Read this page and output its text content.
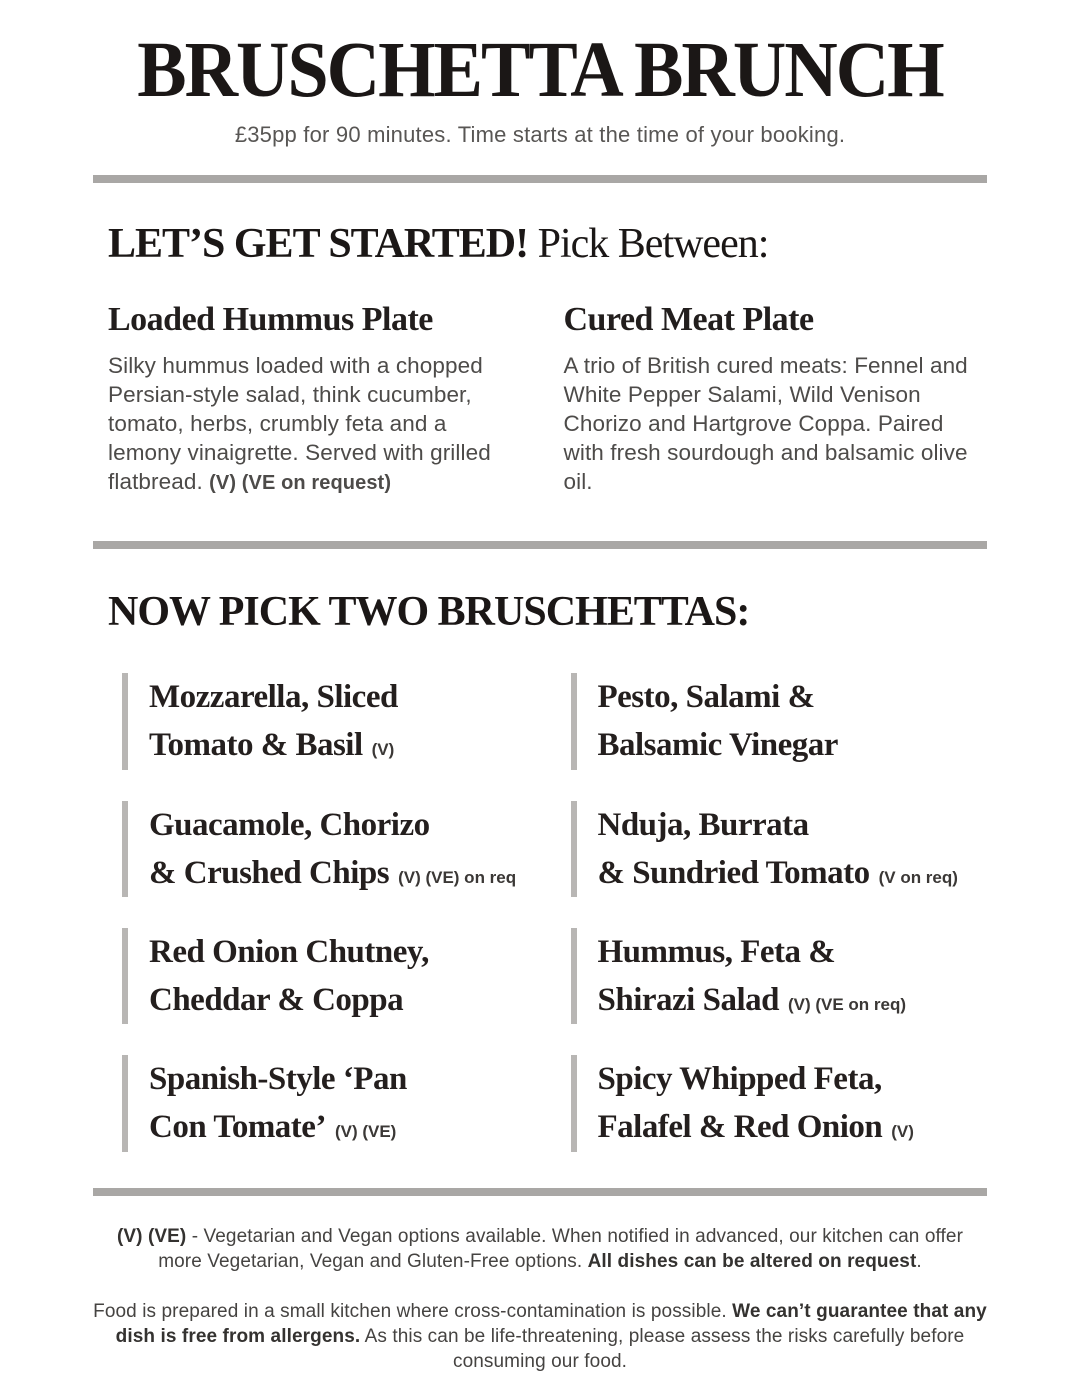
BRUSCHETTA BRUNCH

£35pp for 90 minutes. Time starts at the time of your booking.

LET’S GET STARTED! Pick Between:
Loaded Hummus Plate

Silky hummus loaded with a chopped Persian-style salad, think cucumber, tomato, herbs, crumbly feta and a lemony vinaigrette. Served with grilled flatbread. (V) (VE on request)

Cured Meat Plate

A trio of British cured meats: Fennel and White Pepper Salami, Wild Venison Chorizo and Hartgrove Coppa. Paired with fresh sourdough and balsamic olive oil.

NOW PICK TWO BRUSCHETTAS:
Mozzarella, Sliced
Tomato & Basil (V)
Pesto, Salami &
Balsamic Vinegar
Guacamole, Chorizo
& Crushed Chips (V) (VE) on req
Nduja, Burrata
& Sundried Tomato (V on req)
Red Onion Chutney,
Cheddar & Coppa
Hummus, Feta &
Shirazi Salad (V) (VE on req)
Spanish-Style ‘Pan
Con Tomate’ (V) (VE)
Spicy Whipped Feta,
Falafel & Red Onion (V)

(V) (VE) - Vegetarian and Vegan options available. When notified in advanced, our kitchen can offer more Vegetarian, Vegan and Gluten-Free options. All dishes can be altered on request.

Food is prepared in a small kitchen where cross-contamination is possible. We can’t guarantee that any dish is free from allergens. As this can be life-threatening, please assess the risks carefully before consuming our food.
